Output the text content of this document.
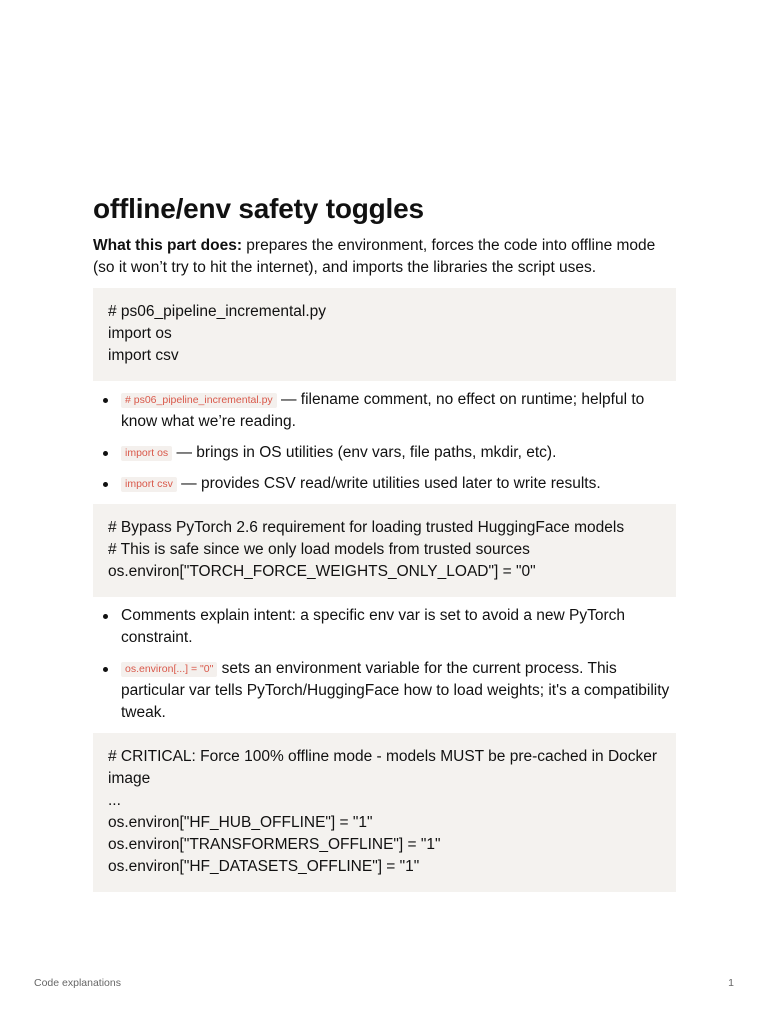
offline/env safety toggles

What this part does: prepares the environment, forces the code into offline mode (so it won’t try to hit the internet), and imports the libraries the script uses.

# ps06_pipeline_incremental.py
import os
import csv
# ps06_pipeline_incremental.py — filename comment, no effect on runtime; helpful to know what we’re reading.
import os — brings in OS utilities (env vars, file paths, mkdir, etc).
import csv — provides CSV read/write utilities used later to write results.
# Bypass PyTorch 2.6 requirement for loading trusted HuggingFace models
# This is safe since we only load models from trusted sources
os.environ["TORCH_FORCE_WEIGHTS_ONLY_LOAD"] = "0"
Comments explain intent: a specific env var is set to avoid a new PyTorch constraint.
os.environ[...] = "0" sets an environment variable for the current process. This particular var tells PyTorch/HuggingFace how to load weights; it's a compatibility tweak.
# CRITICAL: Force 100% offline mode - models MUST be pre-cached in Docker image
...
os.environ["HF_HUB_OFFLINE"] = "1"
os.environ["TRANSFORMERS_OFFLINE"] = "1"
os.environ["HF_DATASETS_OFFLINE"] = "1"
Code explanations	1
